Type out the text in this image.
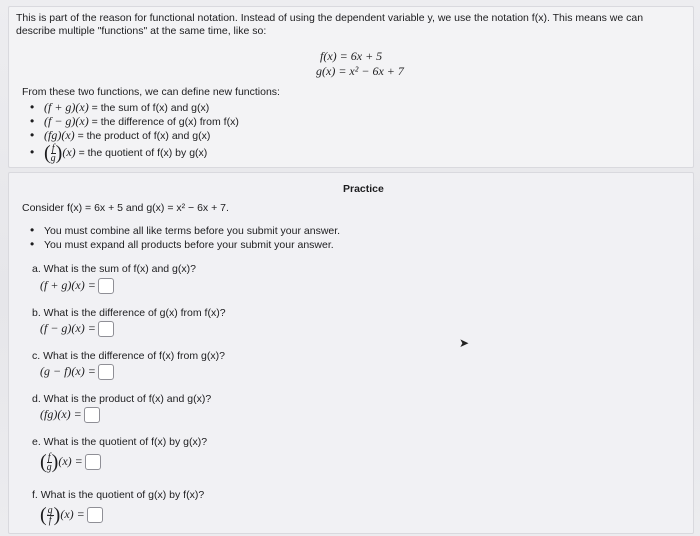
This is part of the reason for functional notation. Instead of using the dependent variable y, we use the notation f(x). This means we can describe multiple "functions" at the same time, like so:
f(x) = 6x + 5
g(x) = x² − 6x + 7
From these two functions, we can define new functions:
• (f + g)(x) = the sum of f(x) and g(x)
• (f − g)(x) = the difference of g(x) from f(x)
• (fg)(x) = the product of f(x) and g(x)
• ( $\frac{f}{g} )(x)$ = the quotient of f(x) by g(x)
Practice
Consider f(x) = 6x + 5 and g(x) = x² − 6x + 7.
• You must combine all like terms before you submit your answer.
• You must expand all products before your submit your answer.
a. What is the sum of f(x) and g(x)?
(f + g)(x) =
b. What is the difference of g(x) from f(x)?
(f − g)(x) =
c. What is the difference of f(x) from g(x)?
(g − f)(x) =
d. What is the product of f(x) and g(x)?
(fg)(x) =
e. What is the quotient of f(x) by g(x)?
( $\frac{f}{g} )(x)$ =
f. What is the quotient of g(x) by f(x)?
( $\frac{g}{f} )(x)$ =
➤
